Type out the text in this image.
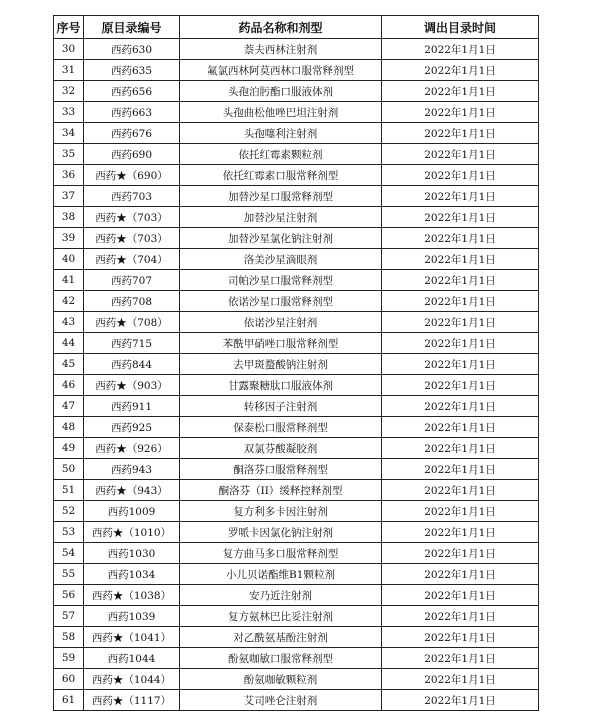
序号	原目录编号	药品名称和剂型	调出目录时间
30	西药630	萘夫西林注射剂	2022年1月1日
31	西药635	氟氯西林阿莫西林口服常释剂型	2022年1月1日
32	西药656	头孢泊肟酯口服液体剂	2022年1月1日
33	西药663	头孢曲松他唑巴坦注射剂	2022年1月1日
34	西药676	头孢噻利注射剂	2022年1月1日
35	西药690	依托红霉素颗粒剂	2022年1月1日
36	西药★（690）	依托红霉素口服常释剂型	2022年1月1日
37	西药703	加替沙星口服常释剂型	2022年1月1日
38	西药★（703）	加替沙星注射剂	2022年1月1日
39	西药★（703）	加替沙星氯化钠注射剂	2022年1月1日
40	西药★（704）	洛美沙星滴眼剂	2022年1月1日
41	西药707	司帕沙星口服常释剂型	2022年1月1日
42	西药708	依诺沙星口服常释剂型	2022年1月1日
43	西药★（708）	依诺沙星注射剂	2022年1月1日
44	西药715	苯酰甲硝唑口服常释剂型	2022年1月1日
45	西药844	去甲斑蝥酸钠注射剂	2022年1月1日
46	西药★（903）	甘露聚糖肽口服液体剂	2022年1月1日
47	西药911	转移因子注射剂	2022年1月1日
48	西药925	保泰松口服常释剂型	2022年1月1日
49	西药★（926）	双氯芬酸凝胶剂	2022年1月1日
50	西药943	酮洛芬口服常释剂型	2022年1月1日
51	西药★（943）	酮洛芬（II）缓释控释剂型	2022年1月1日
52	西药1009	复方利多卡因注射剂	2022年1月1日
53	西药★（1010）	罗哌卡因氯化钠注射剂	2022年1月1日
54	西药1030	复方曲马多口服常释剂型	2022年1月1日
55	西药1034	小儿贝诺酯维B1颗粒剂	2022年1月1日
56	西药★（1038）	安乃近注射剂	2022年1月1日
57	西药1039	复方氨林巴比妥注射剂	2022年1月1日
58	西药★（1041）	对乙酰氨基酚注射剂	2022年1月1日
59	西药1044	酚氨咖敏口服常释剂型	2022年1月1日
60	西药★（1044）	酚氨咖敏颗粒剂	2022年1月1日
61	西药★（1117）	艾司唑仑注射剂	2022年1月1日
